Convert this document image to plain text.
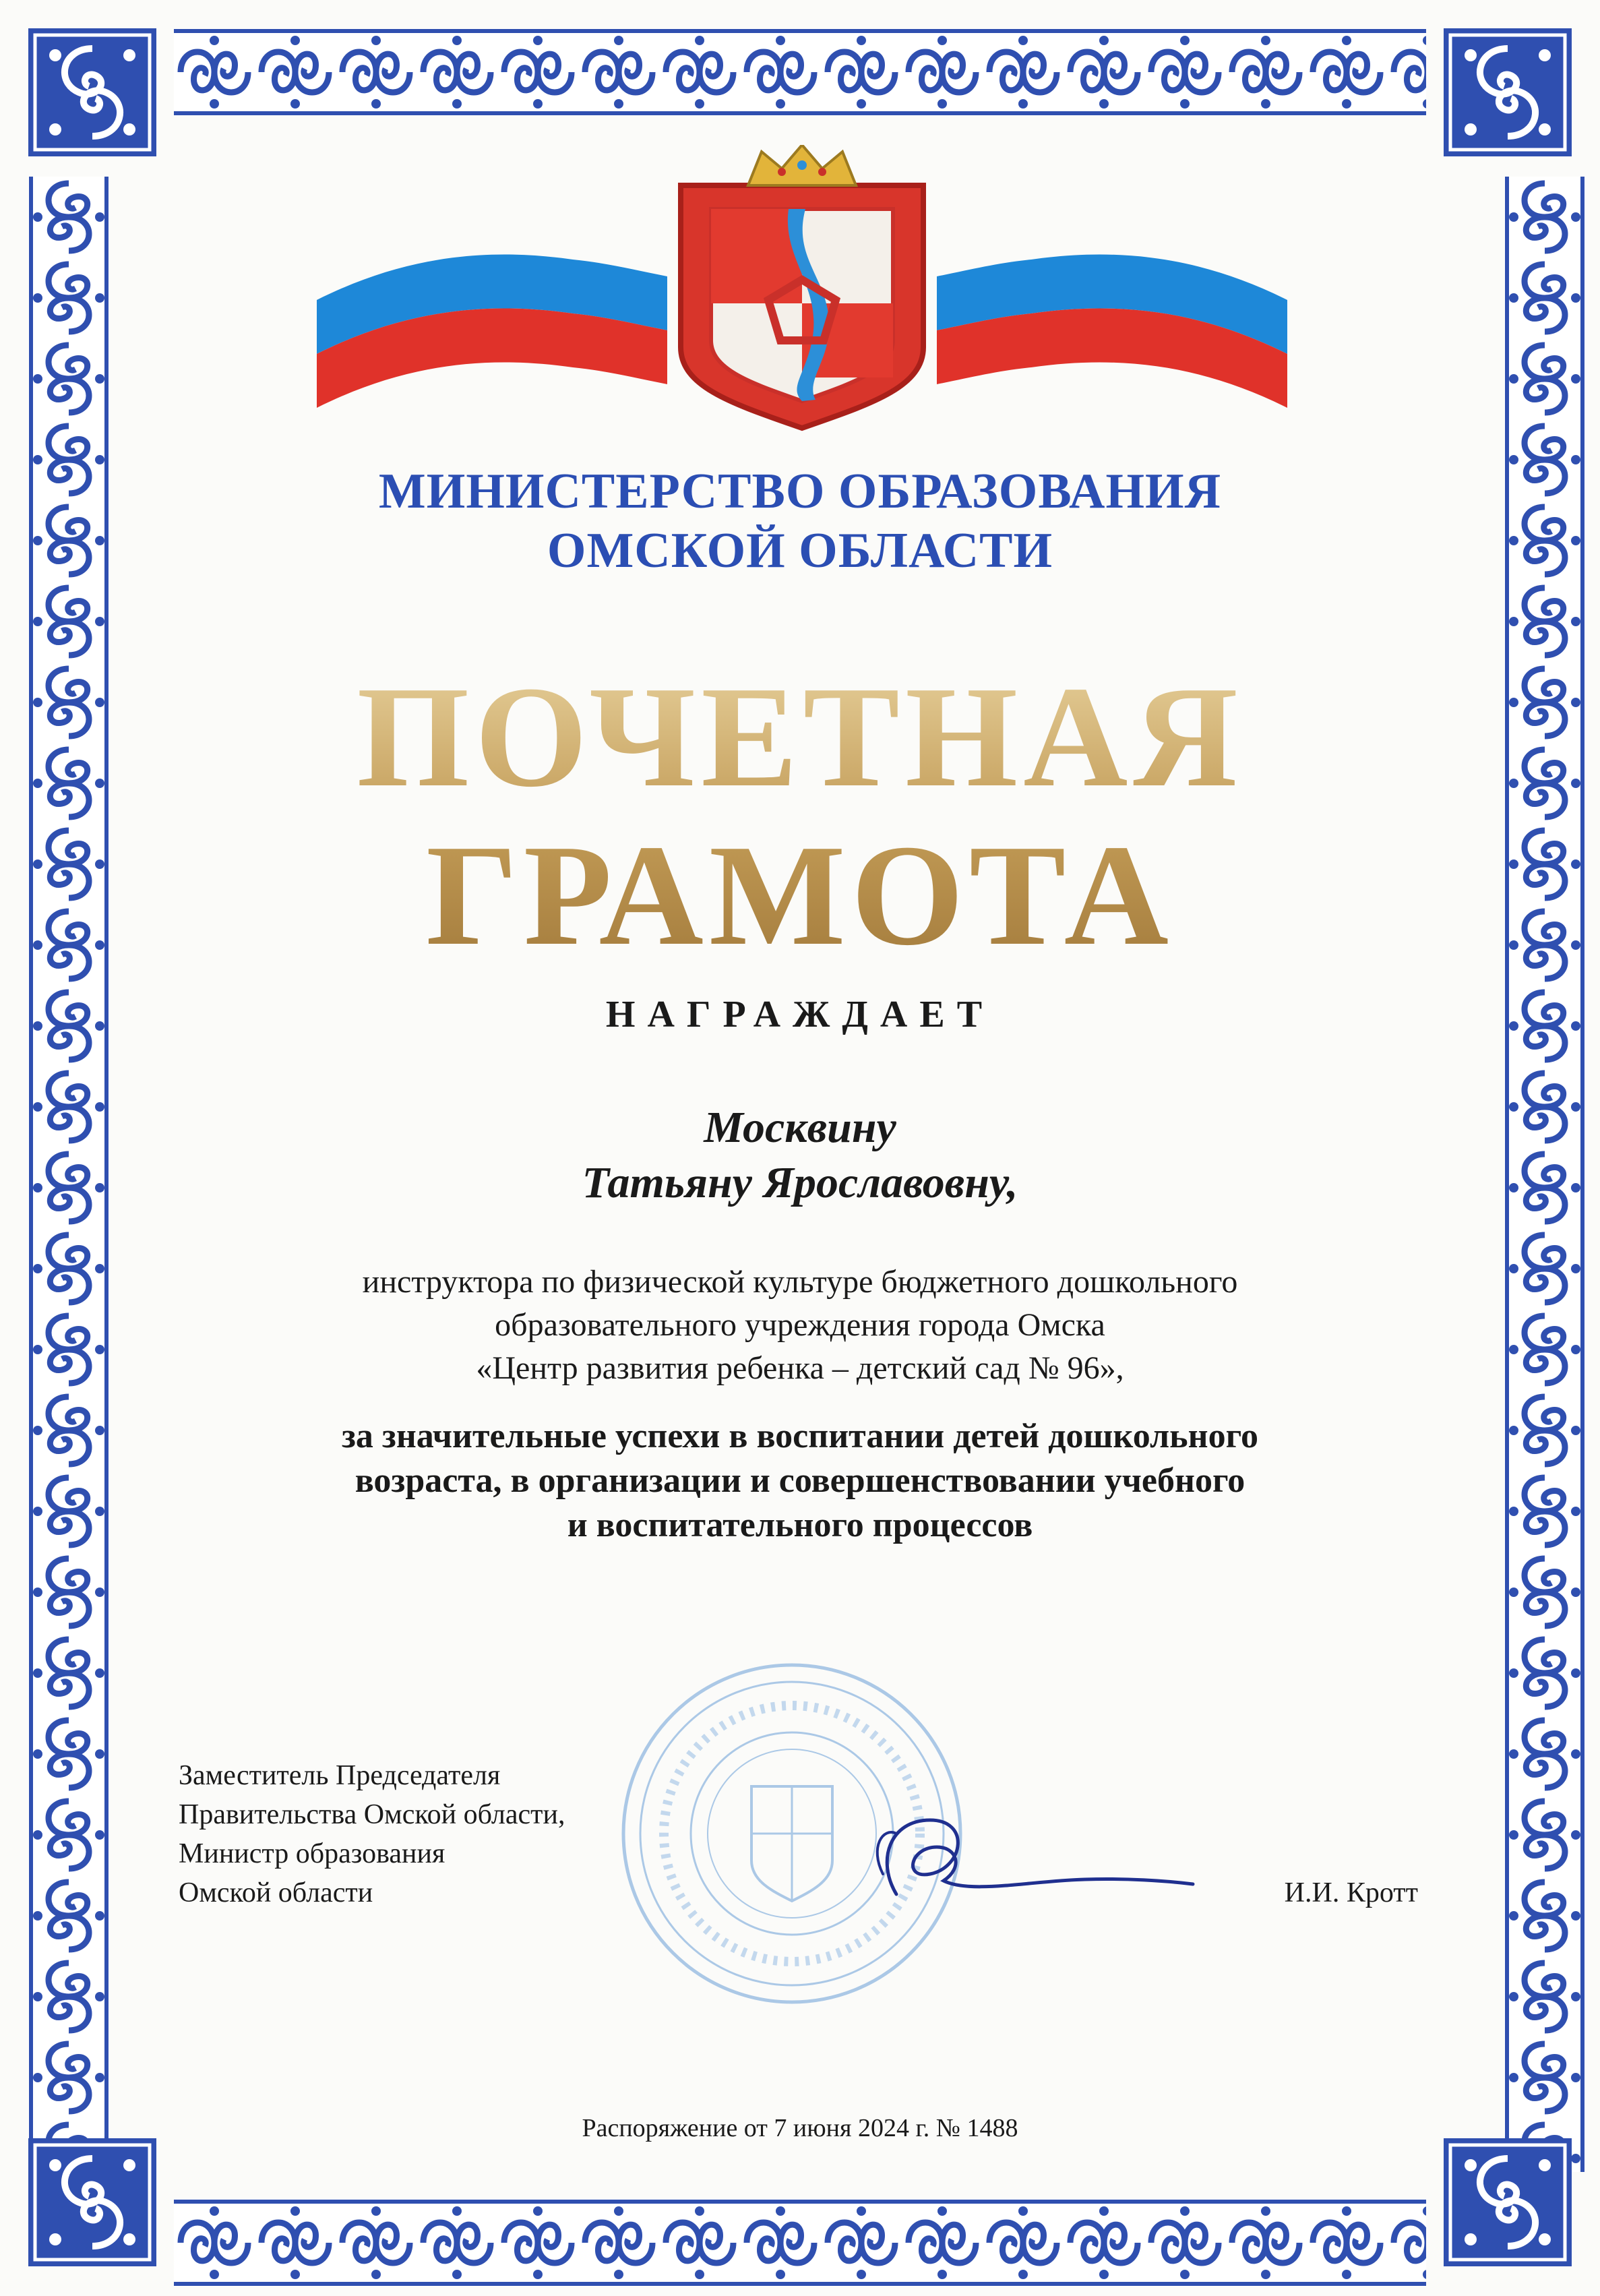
МИНИСТЕРСТВО ОБРАЗОВАНИЯ
ОМСКОЙ ОБЛАСТИ
ПОЧЕТНАЯ
ГРАМОТА
НАГРАЖДАЕТ
Москвину
Татьяну Ярославовну,
инструктора по физической культуре бюджетного дошкольного
образовательного учреждения города Омска
«Центр развития ребенка – детский сад № 96»,
за значительные успехи в воспитании детей дошкольного
возраста, в организации и совершенствовании учебного
и воспитательного процессов
Заместитель Председателя
Правительства Омской области,
Министр образования
Омской области	И.И. Кротт
Распоряжение от 7 июня 2024 г. № 1488
